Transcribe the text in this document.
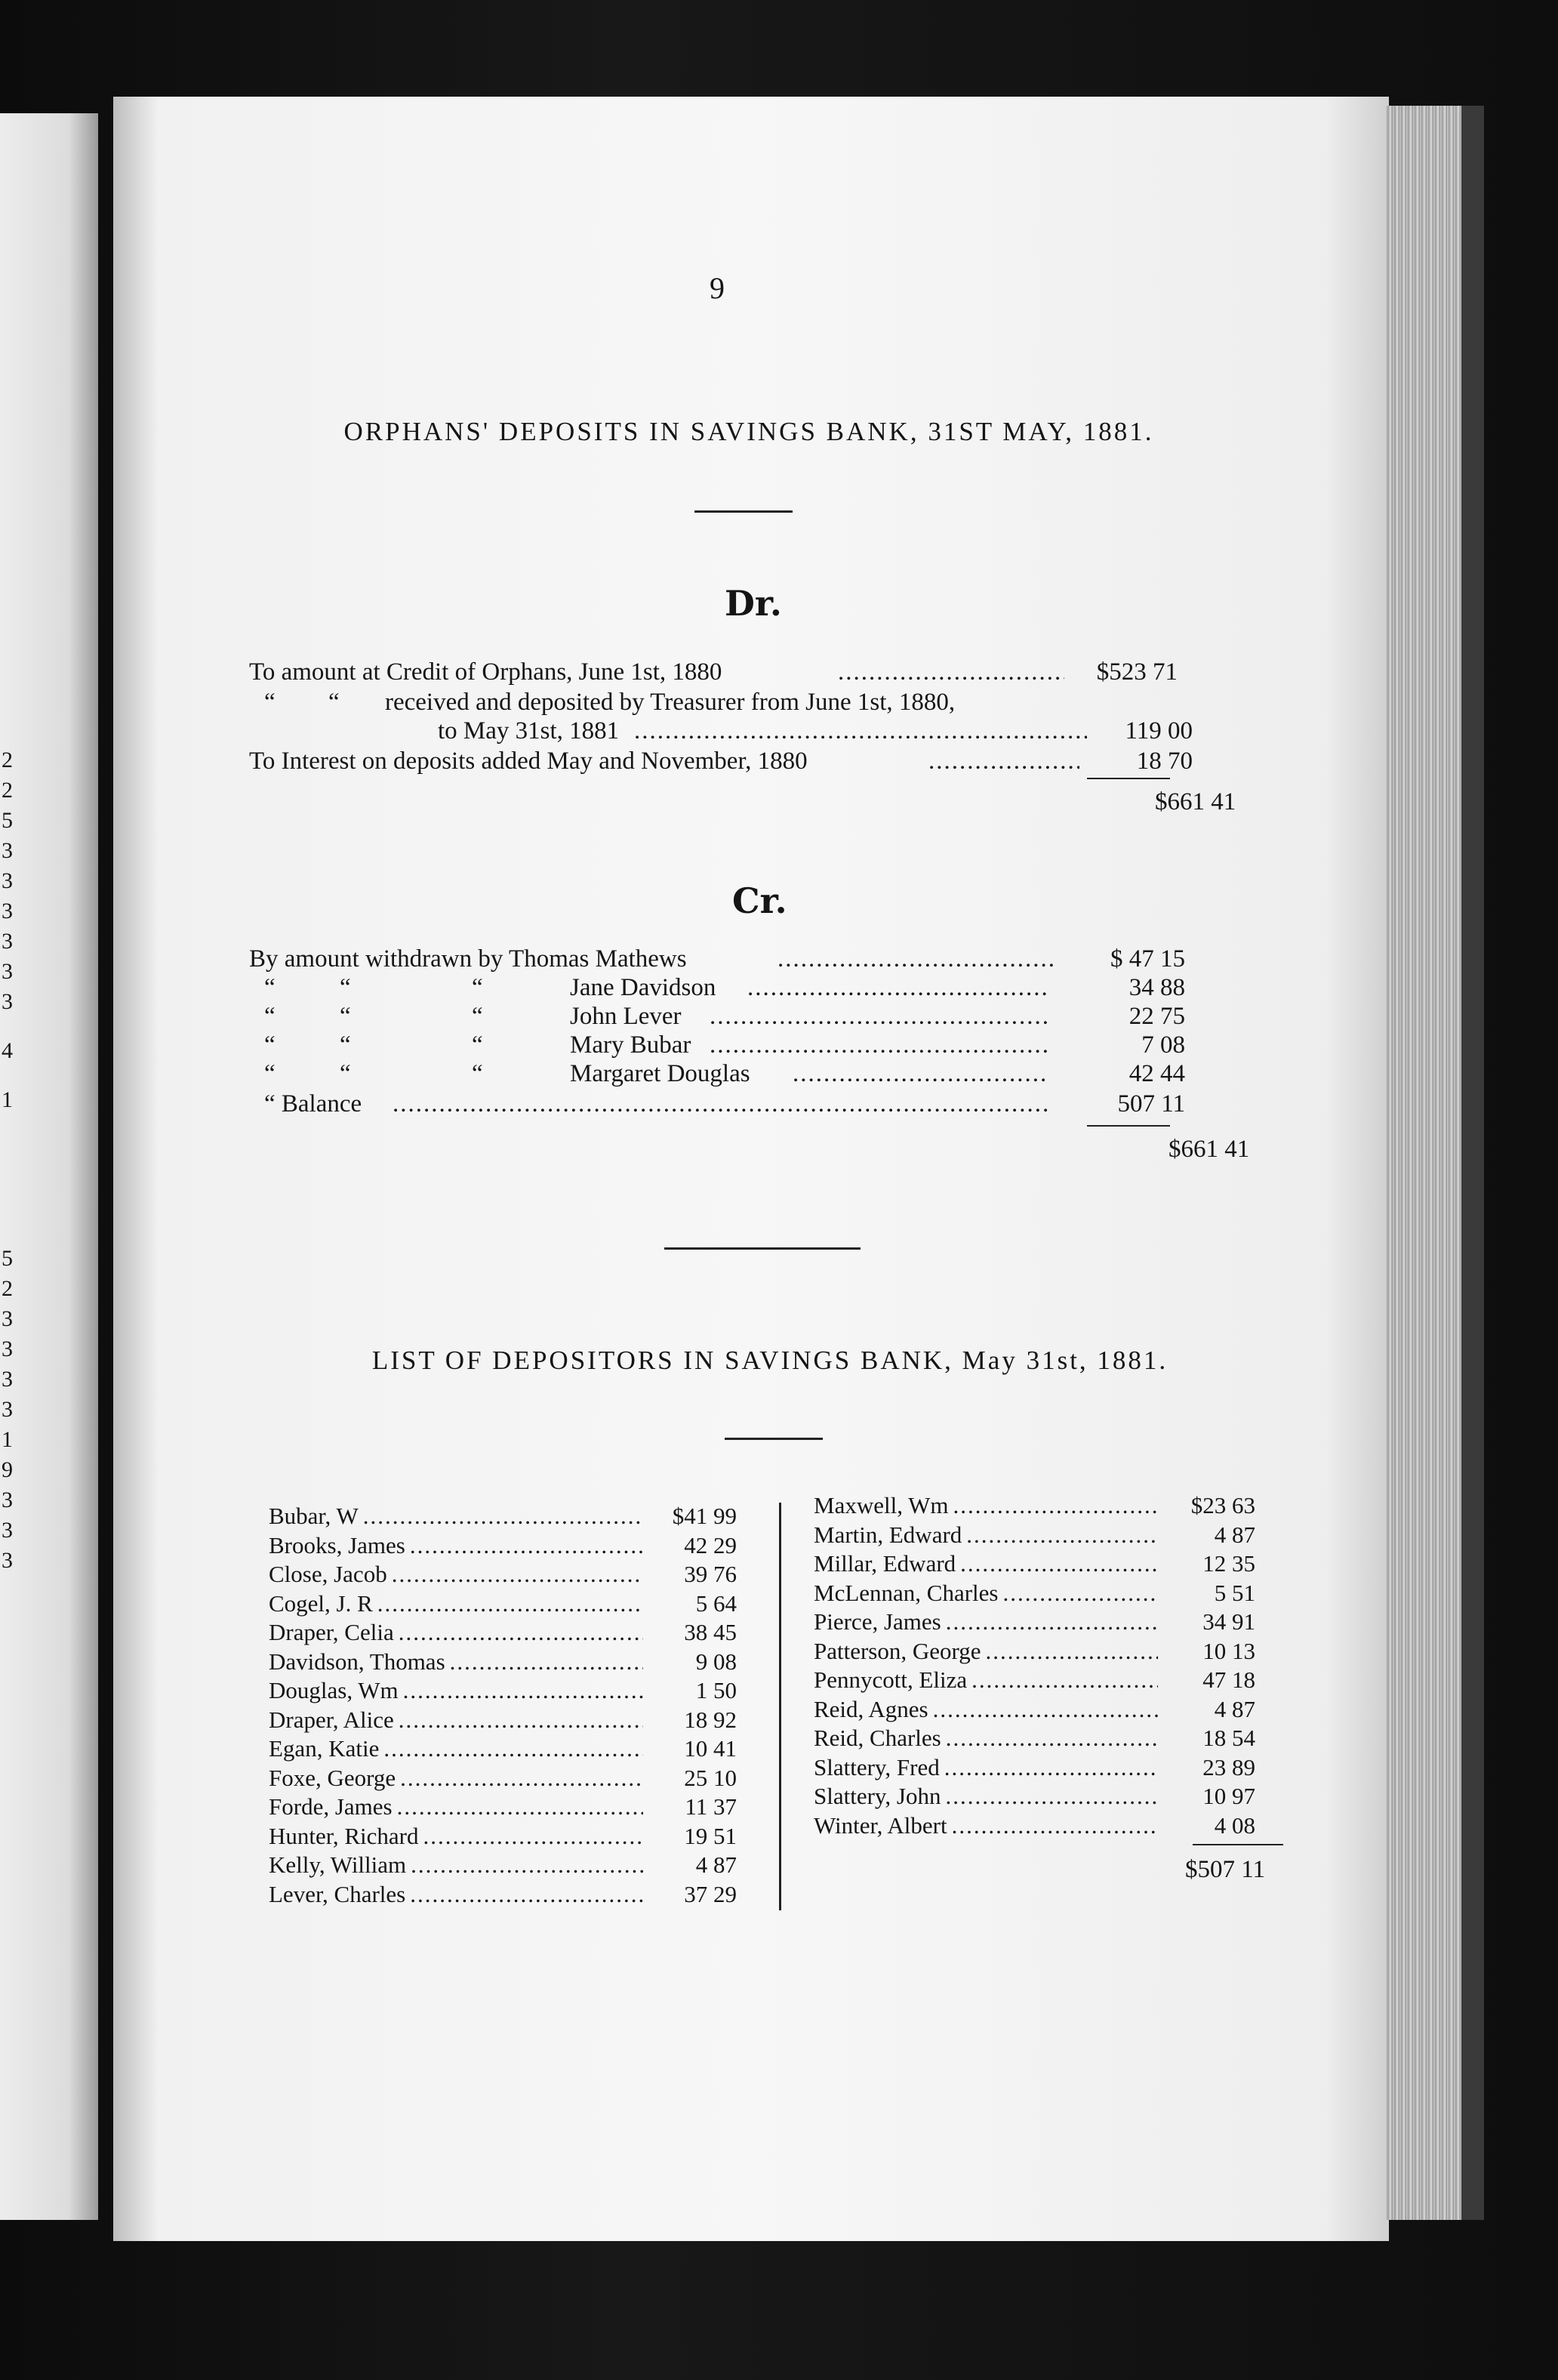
9
ORPHANS' DEPOSITS IN SAVINGS BANK, 31ST MAY, 1881.
Dr.
To amount at Credit of Orphans, June 1st, 1880 .....	$523 71
“ “ received and deposited by Treasurer from June 1st, 1880,
to May 31st, 1881 .....	119 00
To Interest on deposits added May and November, 1880 .....	18 70
$661 41
Cr.
By amount withdrawn by Thomas Mathews .....	$ 47 15
“	“	“	Jane Davidson .....	34 88
“	“	“	John Lever .....	22 75
“	“	“	Mary Bubar .....	7 08
“	“	“	Margaret Douglas .....	42 44
“ Balance .....	507 11
$661 41
LIST OF DEPOSITORS IN SAVINGS BANK, May 31st, 1881.
Bubar, W .....	$41 99
Brooks, James .....	42 29
Close, Jacob .....	39 76
Cogel, J. R .....	5 64
Draper, Celia .....	38 45
Davidson, Thomas .....	9 08
Douglas, Wm .....	1 50
Draper, Alice .....	18 92
Egan, Katie .....	10 41
Foxe, George .....	25 10
Forde, James .....	11 37
Hunter, Richard .....	19 51
Kelly, William .....	4 87
Lever, Charles .....	37 29
Maxwell, Wm .....	$23 63
Martin, Edward .....	4 87
Millar, Edward .....	12 35
McLennan, Charles .....	5 51
Pierce, James .....	34 91
Patterson, George .....	10 13
Pennycott, Eliza .....	47 18
Reid, Agnes .....	4 87
Reid, Charles .....	18 54
Slattery, Fred .....	23 89
Slattery, John .....	10 97
Winter, Albert .....	4 08
$507 11
2
2
5
3
3
3
3
3
3
4
1
5
2
3
3
3
3
1
9
3
3
3
